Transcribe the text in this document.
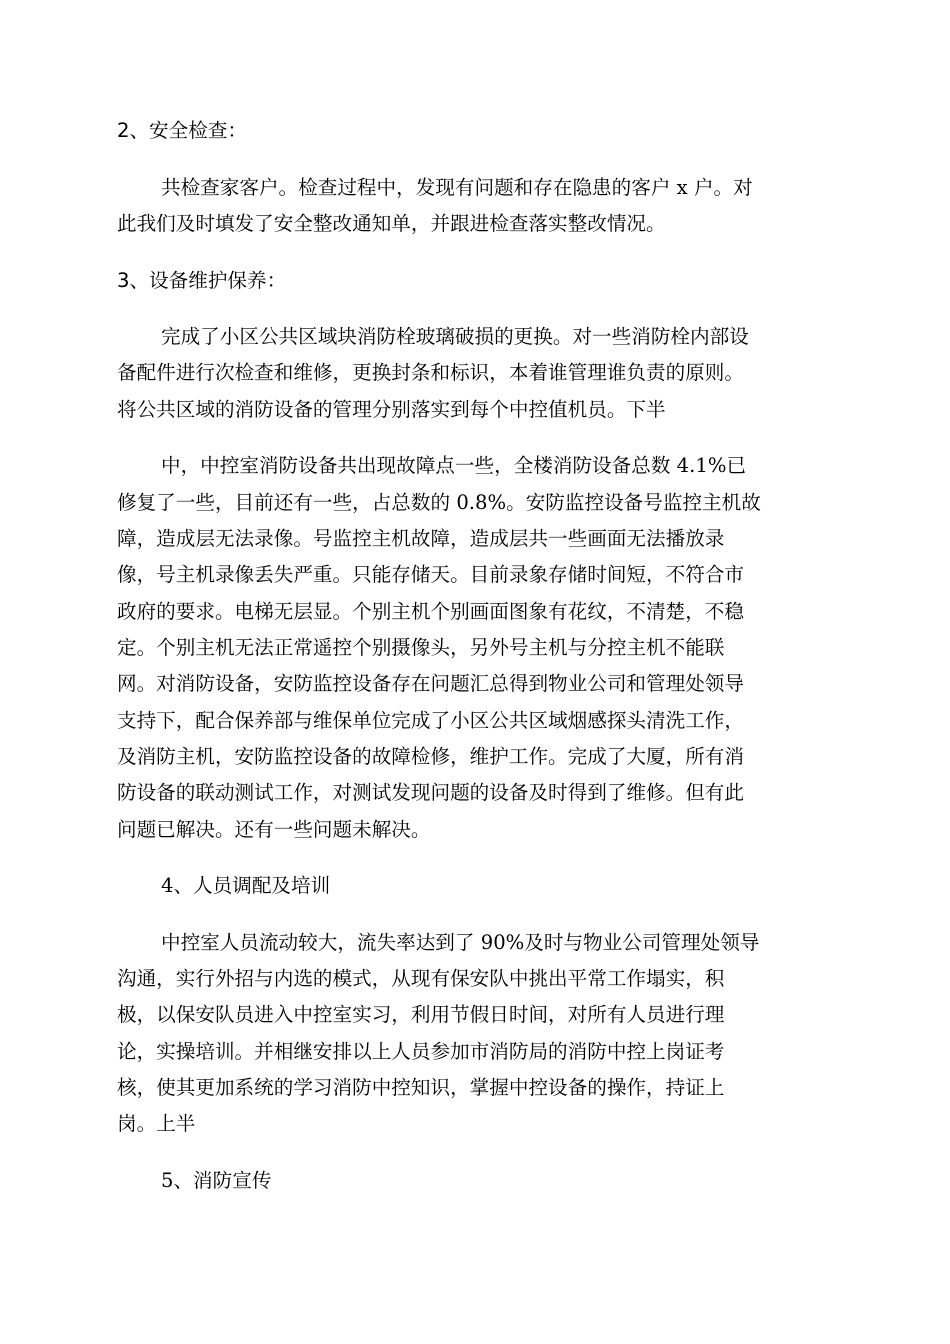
2、安全检查：
共检查家客户。检查过程中，发现有问题和存在隐患的客户 x 户。对
此我们及时填发了安全整改通知单，并跟进检查落实整改情况。
3、设备维护保养：
完成了小区公共区域块消防栓玻璃破损的更换。对一些消防栓内部设
备配件进行次检查和维修，更换封条和标识，本着谁管理谁负责的原则。
将公共区域的消防设备的管理分别落实到每个中控值机员。下半
中，中控室消防设备共出现故障点一些，全楼消防设备总数 4.1%已
修复了一些，目前还有一些，占总数的 0.8%。安防监控设备号监控主机故
障，造成层无法录像。号监控主机故障，造成层共一些画面无法播放录
像，号主机录像丢失严重。只能存储天。目前录象存储时间短，不符合市
政府的要求。电梯无层显。个别主机个别画面图象有花纹，不清楚，不稳
定。个别主机无法正常遥控个别摄像头，另外号主机与分控主机不能联
网。对消防设备，安防监控设备存在问题汇总得到物业公司和管理处领导
支持下，配合保养部与维保单位完成了小区公共区域烟感探头清洗工作，
及消防主机，安防监控设备的故障检修，维护工作。完成了大厦，所有消
防设备的联动测试工作，对测试发现问题的设备及时得到了维修。但有此
问题已解决。还有一些问题未解决。
4、人员调配及培训
中控室人员流动较大，流失率达到了 90%及时与物业公司管理处领导
沟通，实行外招与内选的模式，从现有保安队中挑出平常工作塌实，积
极，以保安队员进入中控室实习，利用节假日时间，对所有人员进行理
论，实操培训。并相继安排以上人员参加市消防局的消防中控上岗证考
核，使其更加系统的学习消防中控知识，掌握中控设备的操作，持证上
岗。上半
5、消防宣传
